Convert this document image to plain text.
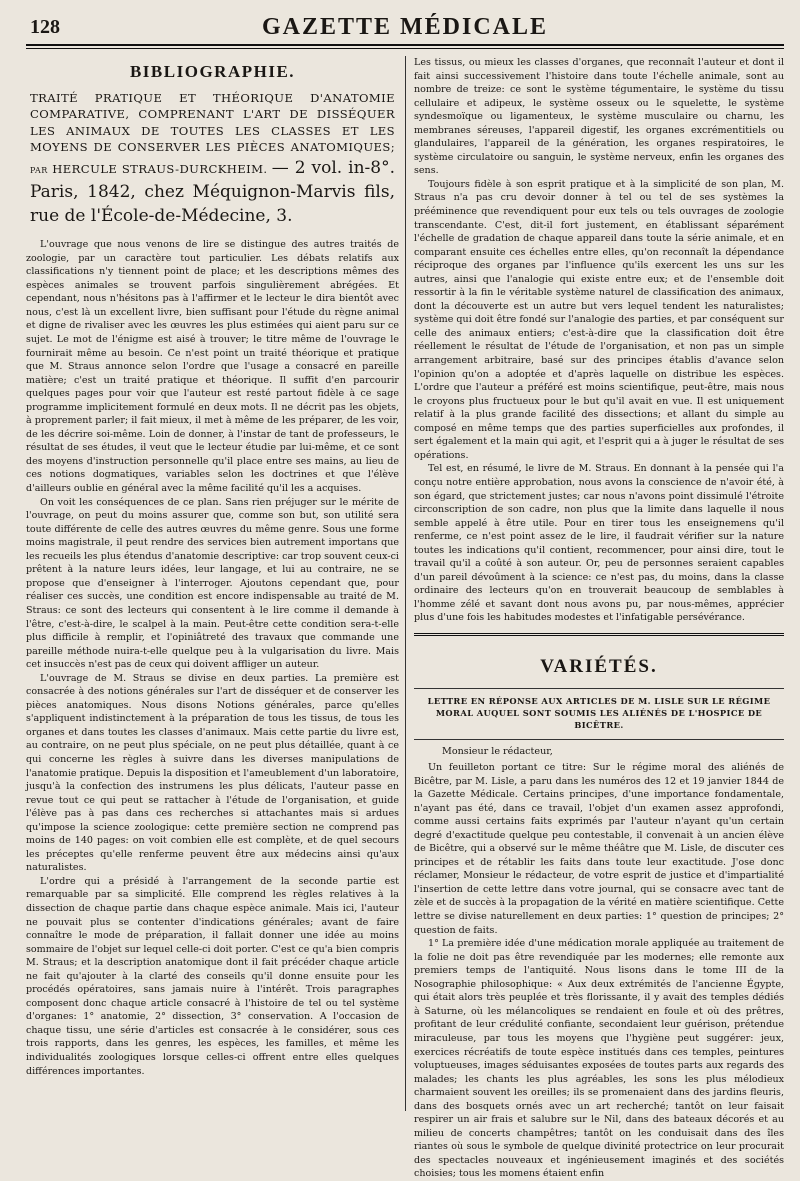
128	GAZETTE MÉDICALE
BIBLIOGRAPHIE.
TRAITÉ PRATIQUE ET THÉORIQUE D'ANATOMIE COMPARATIVE, COMPRENANT L'ART DE DISSÉQUER LES ANIMAUX DE TOUTES LES CLASSES ET LES MOYENS DE CONSERVER LES PIÈCES ANATOMIQUES; par HERCULE STRAUS-DURCKHEIM. — 2 vol. in-8°. Paris, 1842, chez Méquignon-Marvis fils, rue de l'École-de-Médecine, 3.

L'ouvrage que nous venons de lire se distingue des autres traités de zoologie, par un caractère tout particulier. Les débats relatifs aux classifications n'y tiennent point de place; et les descriptions mêmes des espèces animales se trouvent parfois singulièrement abrégées. Et cependant, nous n'hésitons pas à l'affirmer et le lecteur le dira bientôt avec nous, c'est là un excellent livre, bien suffisant pour l'étude du règne animal et digne de rivaliser avec les œuvres les plus estimées qui aient paru sur ce sujet. Le mot de l'énigme est aisé à trouver; le titre même de l'ouvrage le fournirait même au besoin. Ce n'est point un traité théorique et pratique que M. Straus annonce selon l'ordre que l'usage a consacré en pareille matière; c'est un traité pratique et théorique. Il suffit d'en parcourir quelques pages pour voir que l'auteur est resté partout fidèle à ce sage programme implicitement formulé en deux mots. Il ne décrit pas les objets, à proprement parler; il fait mieux, il met à même de les préparer, de les voir, de les décrire soi-même. Loin de donner, à l'instar de tant de professeurs, le résultat de ses études, il veut que le lecteur étudie par lui-même, et ce sont des moyens d'instruction personnelle qu'il place entre ses mains, au lieu de ces notions dogmatiques, variables selon les doctrines et que l'élève d'ailleurs oublie en général avec la même facilité qu'il les a acquises.

On voit les conséquences de ce plan. Sans rien préjuger sur le mérite de l'ouvrage, on peut du moins assurer que, comme son but, son utilité sera toute différente de celle des autres œuvres du même genre. Sous une forme moins magistrale, il peut rendre des services bien autrement importans que les recueils les plus étendus d'anatomie descriptive: car trop souvent ceux-ci prêtent à la nature leurs idées, leur langage, et lui au contraire, ne se propose que d'enseigner à l'interroger. Ajoutons cependant que, pour réaliser ces succès, une condition est encore indispensable au traité de M. Straus: ce sont des lecteurs qui consentent à le lire comme il demande à l'être, c'est-à-dire, le scalpel à la main. Peut-être cette condition sera-t-elle plus difficile à remplir, et l'opiniâtreté des travaux que commande une pareille méthode nuira-t-elle quelque peu à la vulgarisation du livre. Mais cet insuccès n'est pas de ceux qui doivent affliger un auteur.

L'ouvrage de M. Straus se divise en deux parties. La première est consacrée à des notions générales sur l'art de disséquer et de conserver les pièces anatomiques. Nous disons Notions générales, parce qu'elles s'appliquent indistinctement à la préparation de tous les tissus, de tous les organes et dans toutes les classes d'animaux. Mais cette partie du livre est, au contraire, on ne peut plus spéciale, on ne peut plus détaillée, quant à ce qui concerne les règles à suivre dans les diverses manipulations de l'anatomie pratique. Depuis la disposition et l'ameublement d'un laboratoire, jusqu'à la confection des instrumens les plus délicats, l'auteur passe en revue tout ce qui peut se rattacher à l'étude de l'organisation, et guide l'élève pas à pas dans ces recherches si attachantes mais si ardues qu'impose la science zoologique: cette première section ne comprend pas moins de 140 pages: on voit combien elle est complète, et de quel secours les préceptes qu'elle renferme peuvent être aux médecins ainsi qu'aux naturalistes.

L'ordre qui a présidé à l'arrangement de la seconde partie est remarquable par sa simplicité. Elle comprend les règles relatives à la dissection de chaque partie dans chaque espèce animale. Mais ici, l'auteur ne pouvait plus se contenter d'indications générales; avant de faire connaître le mode de préparation, il fallait donner une idée au moins sommaire de l'objet sur lequel celle-ci doit porter. C'est ce qu'a bien compris M. Straus; et la description anatomique dont il fait précéder chaque article ne fait qu'ajouter à la clarté des conseils qu'il donne ensuite pour les procédés opératoires, sans jamais nuire à l'intérêt. Trois paragraphes composent donc chaque article consacré à l'histoire de tel ou tel système d'organes: 1° anatomie, 2° dissection, 3° conservation. A l'occasion de chaque tissu, une série d'articles est consacrée à le considérer, sous ces trois rapports, dans les genres, les espèces, les familles, et même les individualités zoologiques lorsque celles-ci offrent entre elles quelques différences importantes.

Les tissus, ou mieux les classes d'organes, que reconnaît l'auteur et dont il fait ainsi successivement l'histoire dans toute l'échelle animale, sont au nombre de treize: ce sont le système tégumentaire, le système du tissu cellulaire et adipeux, le système osseux ou le squelette, le système syndesmoïque ou ligamenteux, le système musculaire ou charnu, les membranes séreuses, l'appareil digestif, les organes excrémentitiels ou glandulaires, l'appareil de la génération, les organes respiratoires, le système circulatoire ou sanguin, le système nerveux, enfin les organes des sens.

Toujours fidèle à son esprit pratique et à la simplicité de son plan, M. Straus n'a pas cru devoir donner à tel ou tel de ses systèmes la prééminence que revendiquent pour eux tels ou tels ouvrages de zoologie transcendante. C'est, dit-il fort justement, en établissant séparément l'échelle de gradation de chaque appareil dans toute la série animale, et en comparant ensuite ces échelles entre elles, qu'on reconnaît la dépendance réciproque des organes par l'influence qu'ils exercent les uns sur les autres, ainsi que l'analogie qui existe entre eux; et de l'ensemble doit ressortir à la fin le véritable système naturel de classification des animaux, dont la découverte est un autre but vers lequel tendent les naturalistes; système qui doit être fondé sur l'analogie des parties, et par conséquent sur celle des animaux entiers; c'est-à-dire que la classification doit être réellement le résultat de l'étude de l'organisation, et non pas un simple arrangement arbitraire, basé sur des principes établis d'avance selon l'opinion qu'on a adoptée et d'après laquelle on distribue les espèces. L'ordre que l'auteur a préféré est moins scientifique, peut-être, mais nous le croyons plus fructueux pour le but qu'il avait en vue. Il est uniquement relatif à la plus grande facilité des dissections; et allant du simple au composé en même temps que des parties superficielles aux profondes, il sert également et la main qui agit, et l'esprit qui a à juger le résultat de ses opérations.

Tel est, en résumé, le livre de M. Straus. En donnant à la pensée qui l'a conçu notre entière approbation, nous avons la conscience de n'avoir été, à son égard, que strictement justes; car nous n'avons point dissimulé l'étroite circonscription de son cadre, non plus que la limite dans laquelle il nous semble appelé à être utile. Pour en tirer tous les enseignemens qu'il renferme, ce n'est point assez de le lire, il faudrait vérifier sur la nature toutes les indications qu'il contient, recommencer, pour ainsi dire, tout le travail qu'il a coûté à son auteur. Or, peu de personnes seraient capables d'un pareil dévoûment à la science: ce n'est pas, du moins, dans la classe ordinaire des lecteurs qu'on en trouverait beaucoup de semblables à l'homme zélé et savant dont nous avons pu, par nous-mêmes, apprécier plus d'une fois les habitudes modestes et l'infatigable persévérance.

VARIÉTÉS.
LETTRE EN RÉPONSE AUX ARTICLES DE M. LISLE SUR LE RÉGIME MORAL AUQUEL SONT SOUMIS LES ALIÉNÉS DE L'HOSPICE DE BICÊTRE.
Monsieur le rédacteur,

Un feuilleton portant ce titre: Sur le régime moral des aliénés de Bicêtre, par M. Lisle, a paru dans les numéros des 12 et 19 janvier 1844 de la Gazette Médicale. Certains principes, d'une importance fondamentale, n'ayant pas été, dans ce travail, l'objet d'un examen assez approfondi, comme aussi certains faits exprimés par l'auteur n'ayant qu'un certain degré d'exactitude quelque peu contestable, il convenait à un ancien élève de Bicêtre, qui a observé sur le même théâtre que M. Lisle, de discuter ces principes et de rétablir les faits dans toute leur exactitude. J'ose donc réclamer, Monsieur le rédacteur, de votre esprit de justice et d'impartialité l'insertion de cette lettre dans votre journal, qui se consacre avec tant de zèle et de succès à la propagation de la vérité en matière scientifique. Cette lettre se divise naturellement en deux parties: 1° question de principes; 2° question de faits.

1° La première idée d'une médication morale appliquée au traitement de la folie ne doit pas être revendiquée par les modernes; elle remonte aux premiers temps de l'antiquité. Nous lisons dans le tome III de la Nosographie philosophique: « Aux deux extrémités de l'ancienne Égypte, qui était alors très peuplée et très florissante, il y avait des temples dédiés à Saturne, où les mélancoliques se rendaient en foule et où des prêtres, profitant de leur crédulité confiante, secondaient leur guérison, prétendue miraculeuse, par tous les moyens que l'hygiène peut suggérer: jeux, exercices récréatifs de toute espèce institués dans ces temples, peintures voluptueuses, images séduisantes exposées de toutes parts aux regards des malades; les chants les plus agréables, les sons les plus mélodieux charmaient souvent les oreilles; ils se promenaient dans des jardins fleuris, dans des bosquets ornés avec un art recherché; tantôt on leur faisait respirer un air frais et salubre sur le Nil, dans des bateaux décorés et au milieu de concerts champêtres; tantôt on les conduisait dans des îles riantes où sous le symbole de quelque divinité protectrice on leur procurait des spectacles nouveaux et ingénieusement imaginés et des sociétés choisies; tous les momens étaient enfin
